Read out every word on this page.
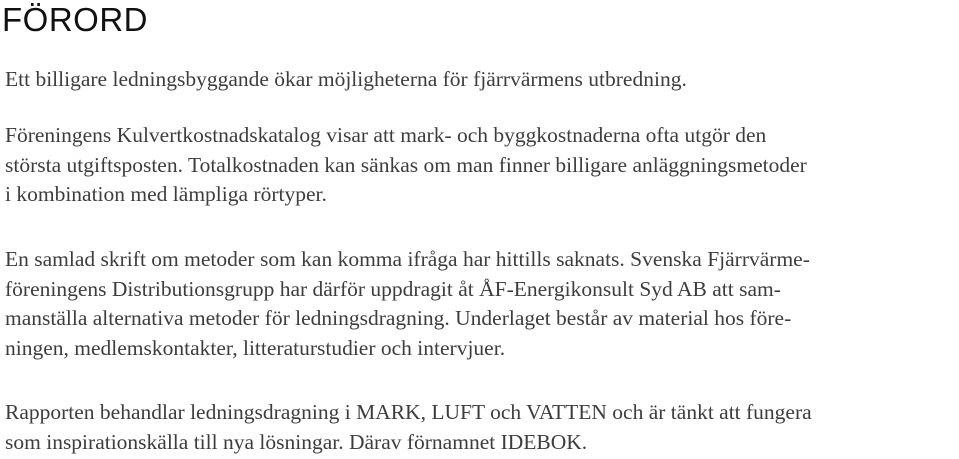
FÖRORD

Ett billigare ledningsbyggande ökar möjligheterna för fjärrvärmens utbredning.

Föreningens Kulvertkostnadskatalog visar att mark- och byggkostnaderna ofta utgör den
största utgiftsposten. Totalkostnaden kan sänkas om man finner billigare anläggningsmetoder
i kombination med lämpliga rörtyper.

En samlad skrift om metoder som kan komma ifråga har hittills saknats. Svenska Fjärrvärme-
föreningens Distributionsgrupp har därför uppdragit åt ÅF-Energikonsult Syd AB att sam-
manställa alternativa metoder för ledningsdragning. Underlaget består av material hos före-
ningen, medlemskontakter, litteraturstudier och intervjuer.

Rapporten behandlar ledningsdragning i MARK, LUFT och VATTEN och är tänkt att fungera
som inspirationskälla till nya lösningar. Därav förnamnet IDEBOK.
